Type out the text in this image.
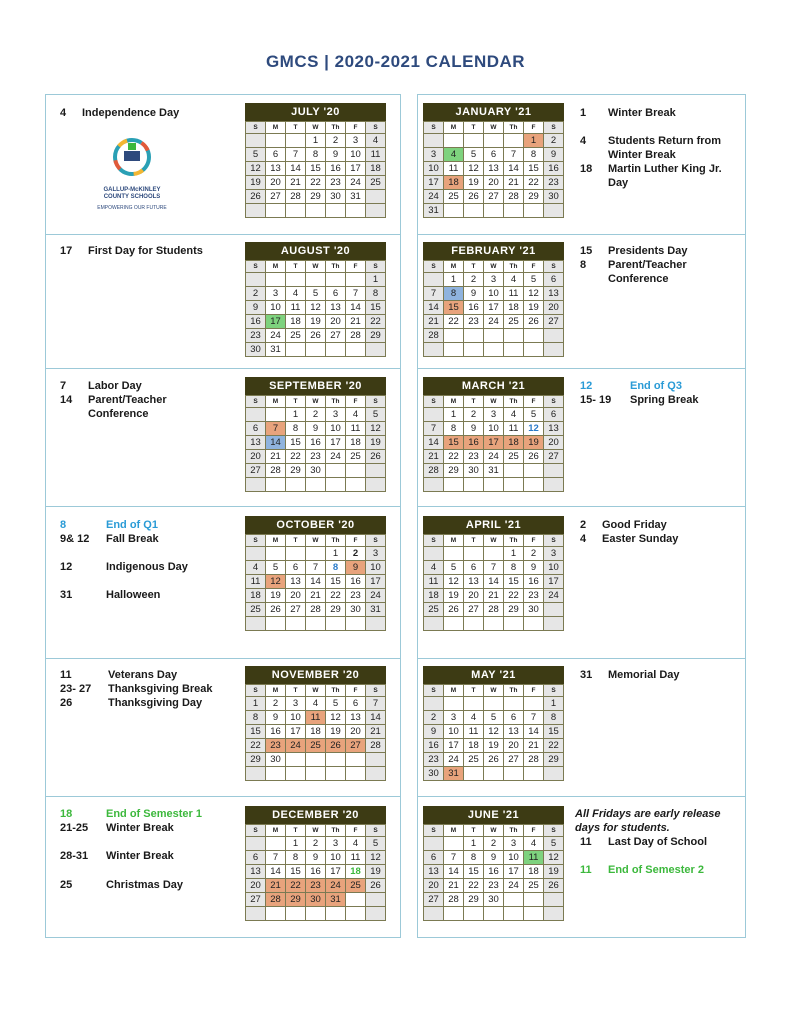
GMCS | 2020-2021 CALENDAR
GALLUP-McKINLEY
COUNTY SCHOOLS
EMPOWERING OUR FUTURE
JULY '20
S	M	T	W	Th	F	S
			1	2	3	4
5	6	7	8	9	10	11
12	13	14	15	16	17	18
19	20	21	22	23	24	25
26	27	28	29	30	31	

JANUARY '21
S	M	T	W	Th	F	S
					1	2
3	4	5	6	7	8	9
10	11	12	13	14	15	16
17	18	19	20	21	22	23
24	25	26	27	28	29	30
31						
AUGUST '20
S	M	T	W	Th	F	S
						1
2	3	4	5	6	7	8
9	10	11	12	13	14	15
16	17	18	19	20	21	22
23	24	25	26	27	28	29
30	31					
FEBRUARY '21
S	M	T	W	Th	F	S
	1	2	3	4	5	6
7	8	9	10	11	12	13
14	15	16	17	18	19	20
21	22	23	24	25	26	27
28						

SEPTEMBER '20
S	M	T	W	Th	F	S
		1	2	3	4	5
6	7	8	9	10	11	12
13	14	15	16	17	18	19
20	21	22	23	24	25	26
27	28	29	30			

MARCH '21
S	M	T	W	Th	F	S
	1	2	3	4	5	6
7	8	9	10	11	12	13
14	15	16	17	18	19	20
21	22	23	24	25	26	27
28	29	30	31			

OCTOBER '20
S	M	T	W	Th	F	S
				1	2	3
4	5	6	7	8	9	10
11	12	13	14	15	16	17
18	19	20	21	22	23	24
25	26	27	28	29	30	31

APRIL '21
S	M	T	W	Th	F	S
				1	2	3
4	5	6	7	8	9	10
11	12	13	14	15	16	17
18	19	20	21	22	23	24
25	26	27	28	29	30	

NOVEMBER '20
S	M	T	W	Th	F	S
1	2	3	4	5	6	7
8	9	10	11	12	13	14
15	16	17	18	19	20	21
22	23	24	25	26	27	28
29	30					

MAY '21
S	M	T	W	Th	F	S
						1
2	3	4	5	6	7	8
9	10	11	12	13	14	15
16	17	18	19	20	21	22
23	24	25	26	27	28	29
30	31					
DECEMBER '20
S	M	T	W	Th	F	S
		1	2	3	4	5
6	7	8	9	10	11	12
13	14	15	16	17	18	19
20	21	22	23	24	25	26
27	28	29	30	31		

JUNE '21
S	M	T	W	Th	F	S
		1	2	3	4	5
6	7	8	9	10	11	12
13	14	15	16	17	18	19
20	21	22	23	24	25	26
27	28	29	30			

4 Independence Day	1 Winter Break
4 Students Return from
Winter Break
18 Martin Luther King Jr.
Day
17 First Day for Students	15 Presidents Day
8 Parent/Teacher
Conference
7 Labor Day
14 Parent/Teacher
Conference
12	End of Q3
15- 19 Spring Break
8	End of Q1
9& 12 Fall Break
12	Indigenous Day
31	Halloween
2 Good Friday
4 Easter Sunday
11	Veterans Day
23- 27 Thanksgiving Break
26	Thanksgiving Day
31 Memorial Day
18	End of Semester 1
21-25 Winter Break
28-31 Winter Break
25	Christmas Day
11 Last Day of School
11 End of Semester 2
All Fridays are early release days for students.
